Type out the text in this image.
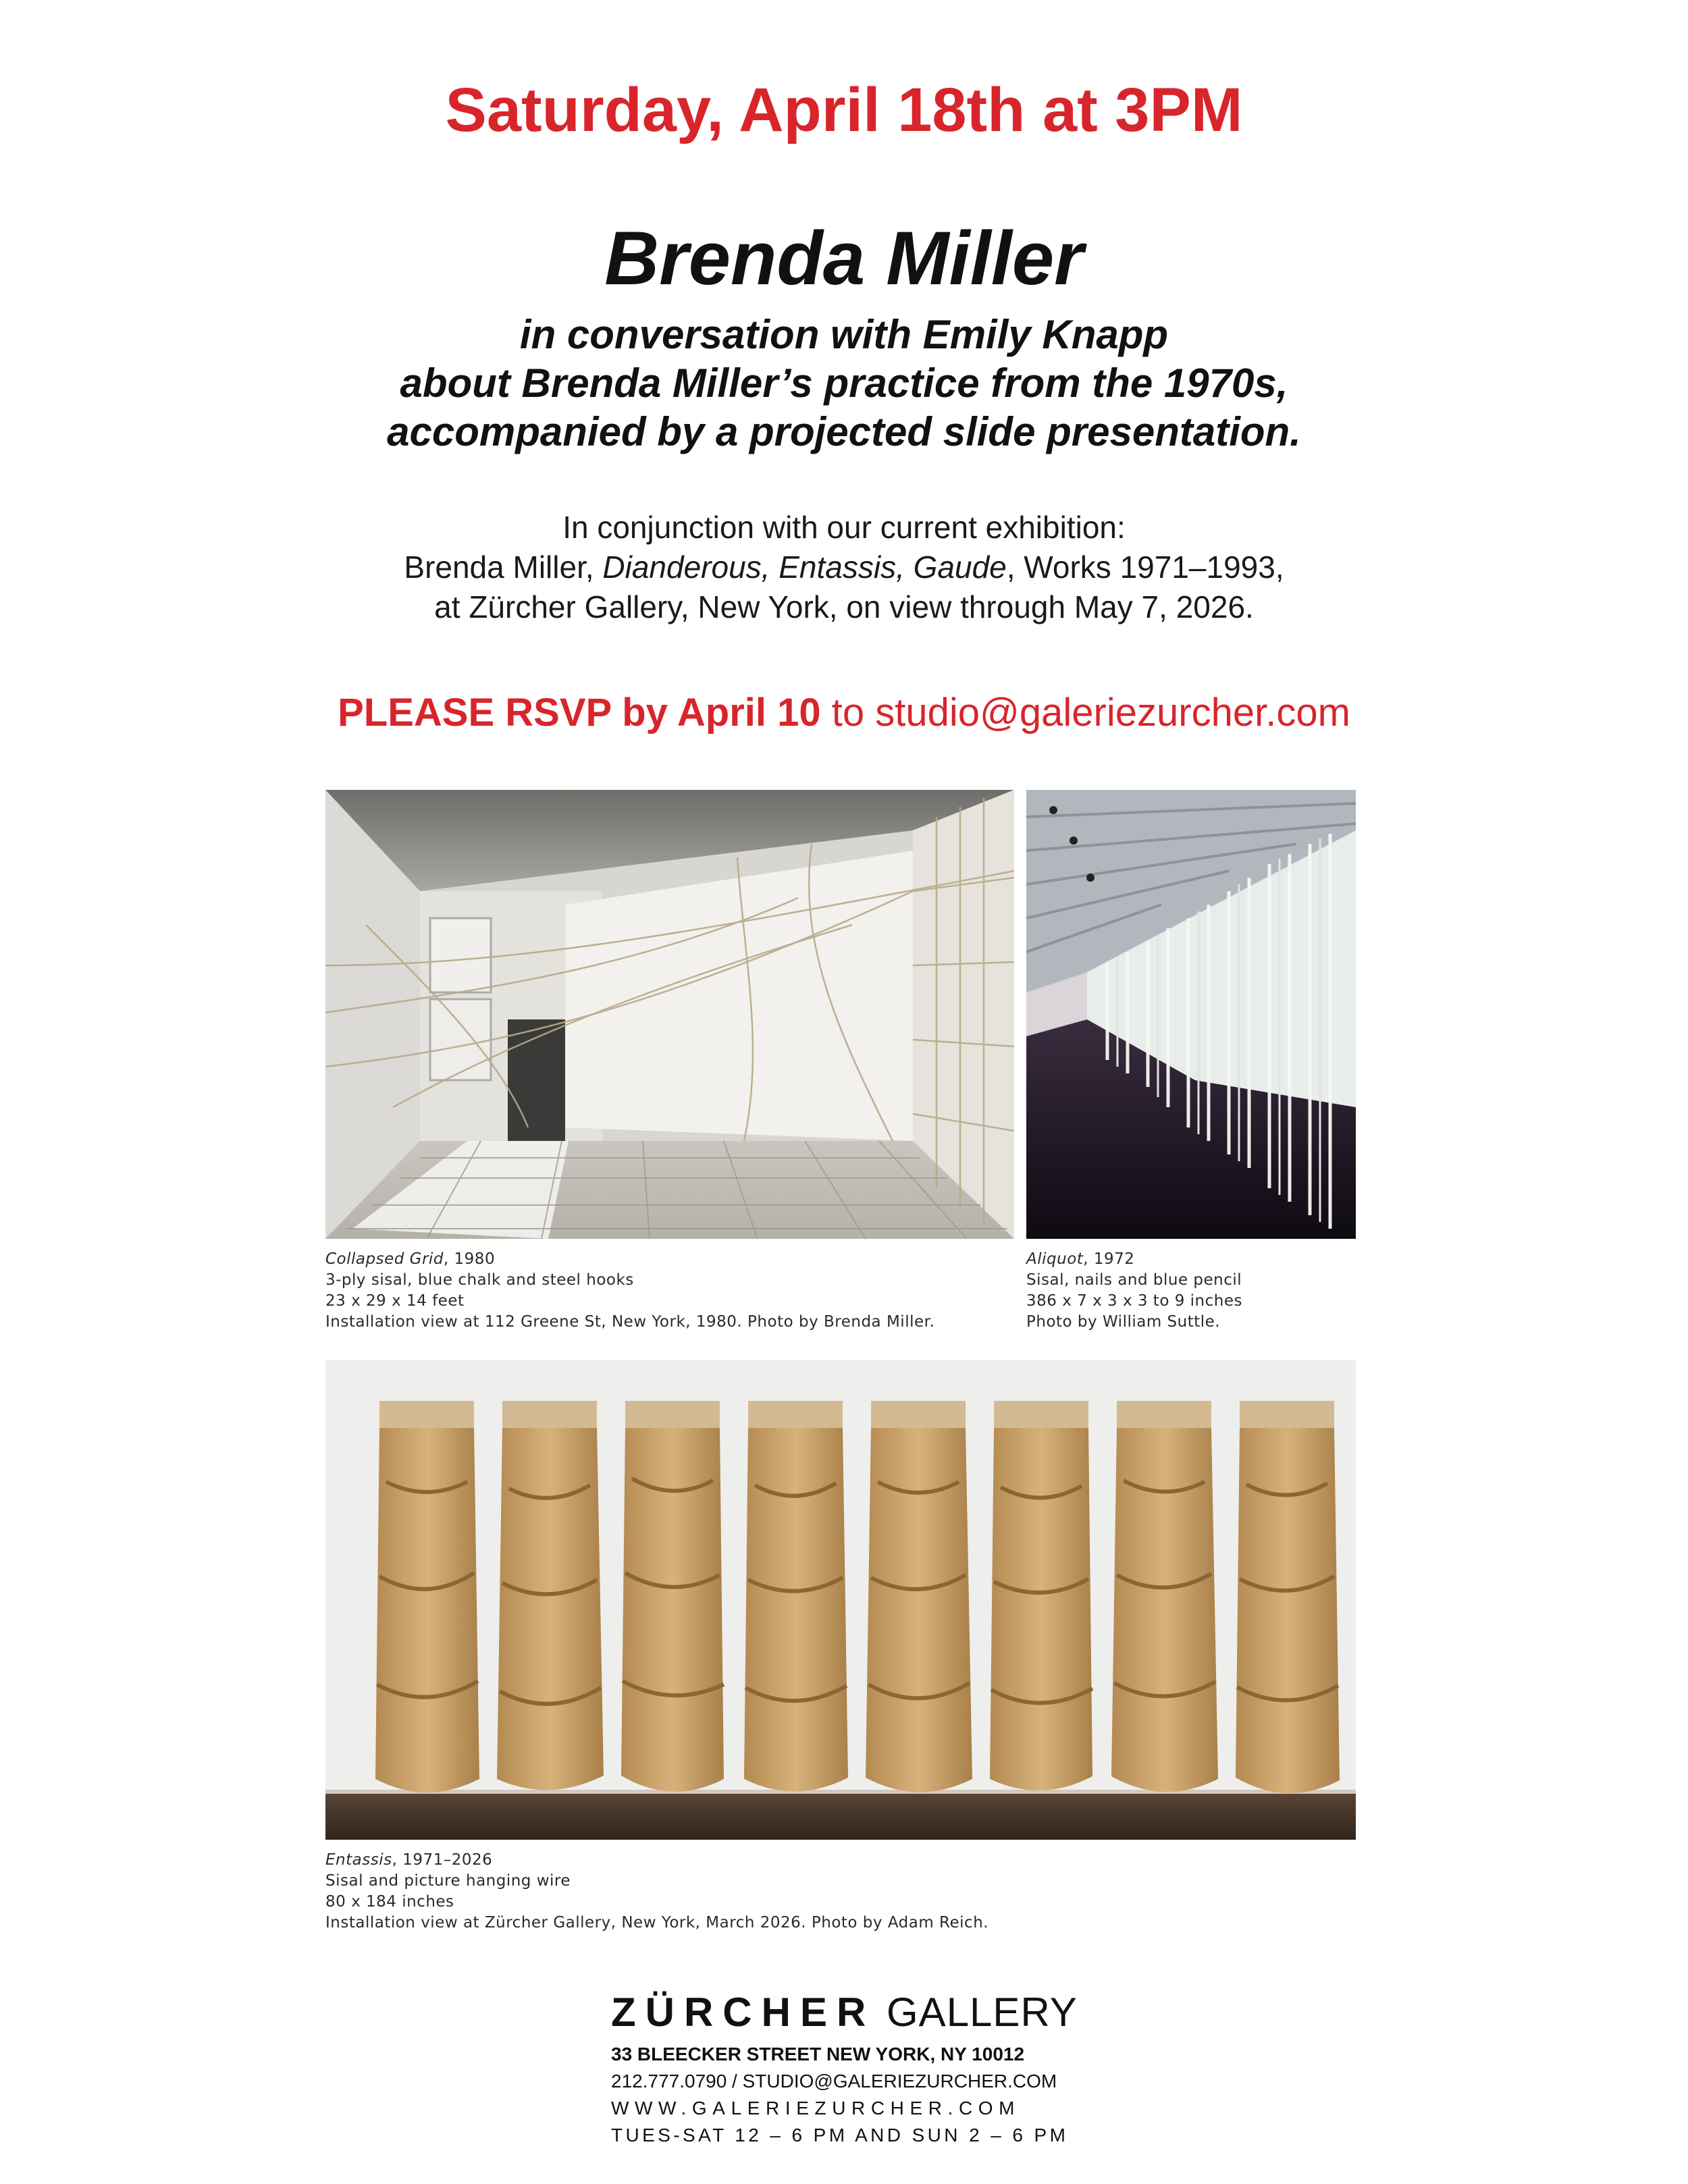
Saturday, April 18th at 3PM
Brenda Miller
in conversation with Emily Knapp
about Brenda Miller’s practice from the 1970s,
accompanied by a projected slide presentation.
In conjunction with our current exhibition:
Brenda Miller, Dianderous, Entassis, Gaude, Works 1971–1993,
at Zürcher Gallery, New York, on view through May 7, 2026.
PLEASE RSVP by April 10 to studio@galeriezurcher.com
Collapsed Grid, 1980
3-ply sisal, blue chalk and steel hooks
23 x 29 x 14 feet
Installation view at 112 Greene St, New York, 1980. Photo by Brenda Miller.
Aliquot, 1972
Sisal, nails and blue pencil
386 x 7 x 3 x 3 to 9 inches
Photo by William Suttle.
Entassis, 1971–2026
Sisal and picture hanging wire
80 x 184 inches
Installation view at Zürcher Gallery, New York, March 2026. Photo by Adam Reich.
ZÜRCHER GALLERY
33 BLEECKER STREET NEW YORK, NY 10012
212.777.0790 / STUDIO@GALERIEZURCHER.COM
WWW.GALERIEZURCHER.COM
TUES-SAT 12 – 6 PM AND SUN 2 – 6 PM
